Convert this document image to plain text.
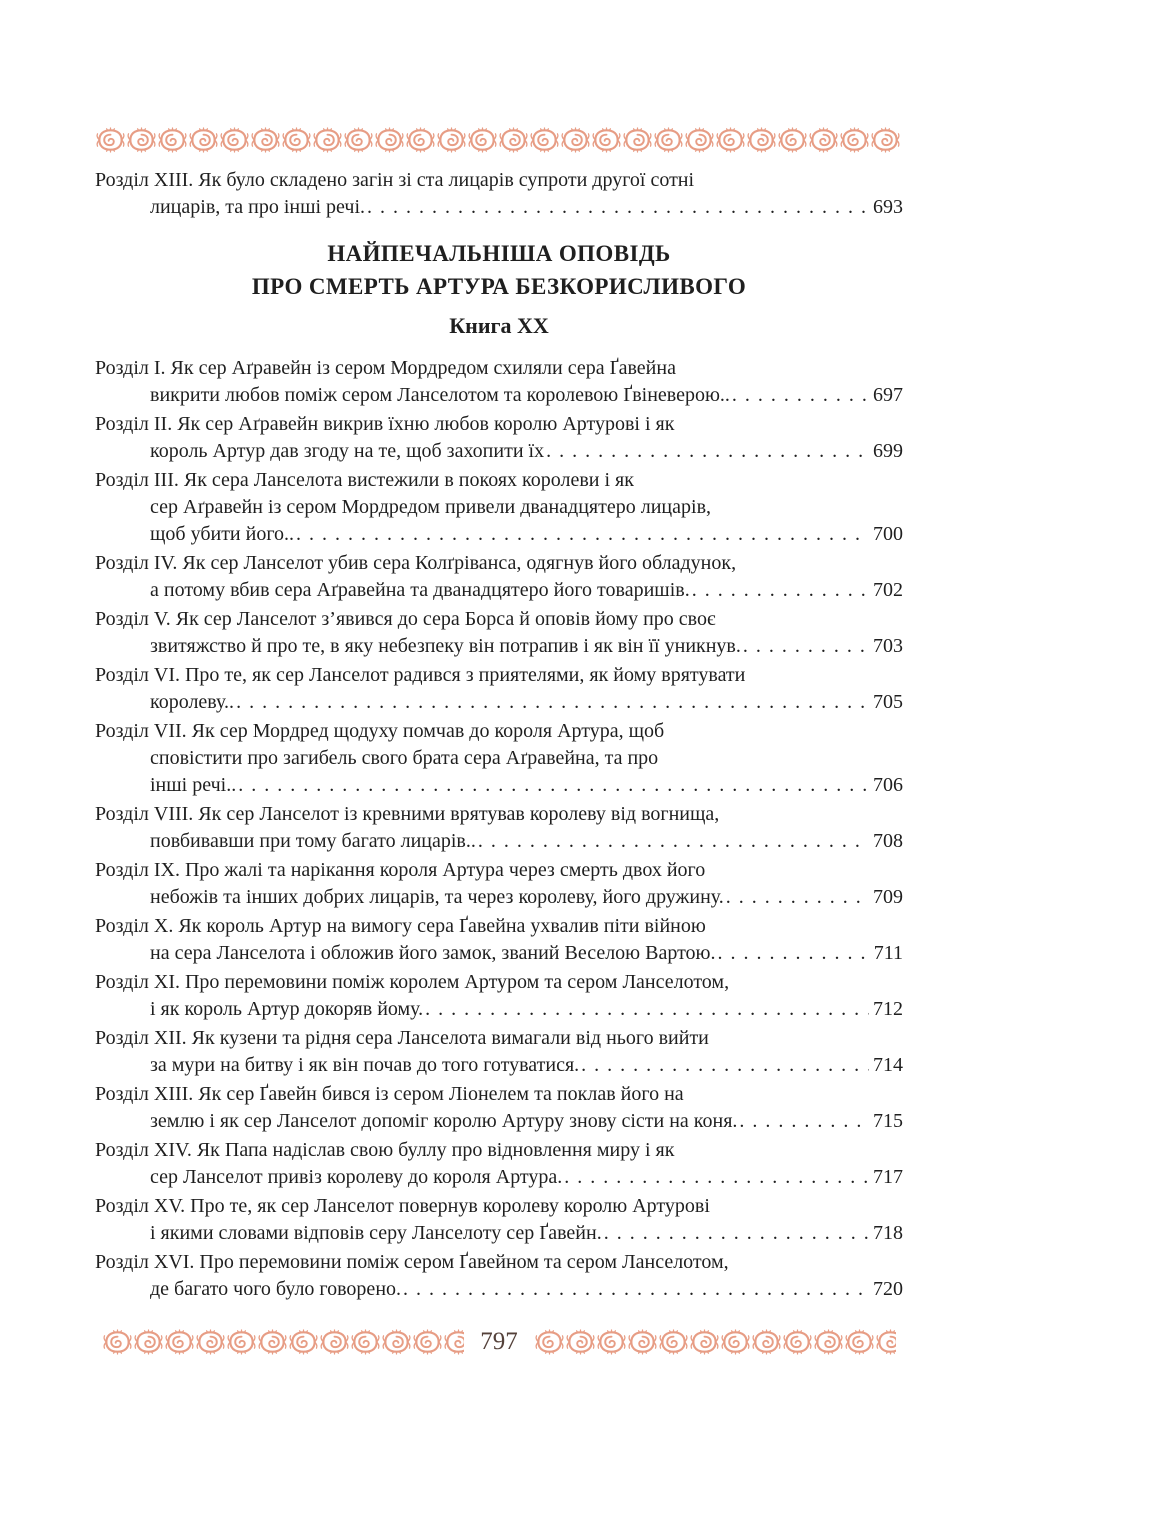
Розділ XIII. Як було складено загін зі ста лицарів супроти другої сотні
лицарів, та про інші речі. . . .	693
НАЙПЕЧАЛЬНІША ОПОВІДЬ
ПРО СМЕРТЬ АРТУРА БЕЗКОРИСЛИВОГО
Книга XX
Розділ I. Як сер Аґравейн із сером Мордредом схиляли сера Ґавейна
викрити любов поміж сером Ланселотом та королевою Ґвіневерою.. . . .	697
Розділ II. Як сер Аґравейн викрив їхню любов королю Артурові і як
король Артур дав згоду на те, щоб захопити їх . . .	699
Розділ III. Як сера Ланселота вистежили в покоях королеви і як
сер Аґравейн із сером Мордредом привели дванадцятеро лицарів,
щоб убити його.. . . .	700
Розділ IV. Як сер Ланселот убив сера Колґріванса, одягнув його обладунок,
а потому вбив сера Аґравейна та дванадцятеро його товаришів. . . .	702
Розділ V. Як сер Ланселот з’явився до сера Борса й оповів йому про своє
звитяжство й про те, в яку небезпеку він потрапив і як він її уникнув. . . .	703
Розділ VI. Про те, як сер Ланселот радився з приятелями, як йому врятувати
королеву.. . . .	705
Розділ VII. Як сер Мордред щодуху помчав до короля Артура, щоб
сповістити про загибель свого брата сера Аґравейна, та про
інші речі.. . . .	706
Розділ VIII. Як сер Ланселот із кревними врятував королеву від вогнища,
повбивавши при тому багато лицарів.. . . .	708
Розділ IX. Про жалі та нарікання короля Артура через смерть двох його
небожів та інших добрих лицарів, та через королеву, його дружину. . . .	709
Розділ X. Як король Артур на вимогу сера Ґавейна ухвалив піти війною
на сера Ланселота і обложив його замок, званий Веселою Вартою. . . .	711
Розділ XI. Про перемовини поміж королем Артуром та сером Ланселотом,
і як король Артур докоряв йому. . . .	712
Розділ XII. Як кузени та рідня сера Ланселота вимагали від нього вийти
за мури на битву і як він почав до того готуватися. . . .	714
Розділ XIII. Як сер Ґавейн бився із сером Ліонелем та поклав його на
землю і як сер Ланселот допоміг королю Артуру знову сісти на коня. . . .	715
Розділ XIV. Як Папа надіслав свою буллу про відновлення миру і як
сер Ланселот привіз королеву до короля Артура. . . .	717
Розділ XV. Про те, як сер Ланселот повернув королеву королю Артурові
і якими словами відповів серу Ланселоту сер Ґавейн. . . .	718
Розділ XVI. Про перемовини поміж сером Ґавейном та сером Ланселотом,
де багато чого було говорено. . . .	720
797
